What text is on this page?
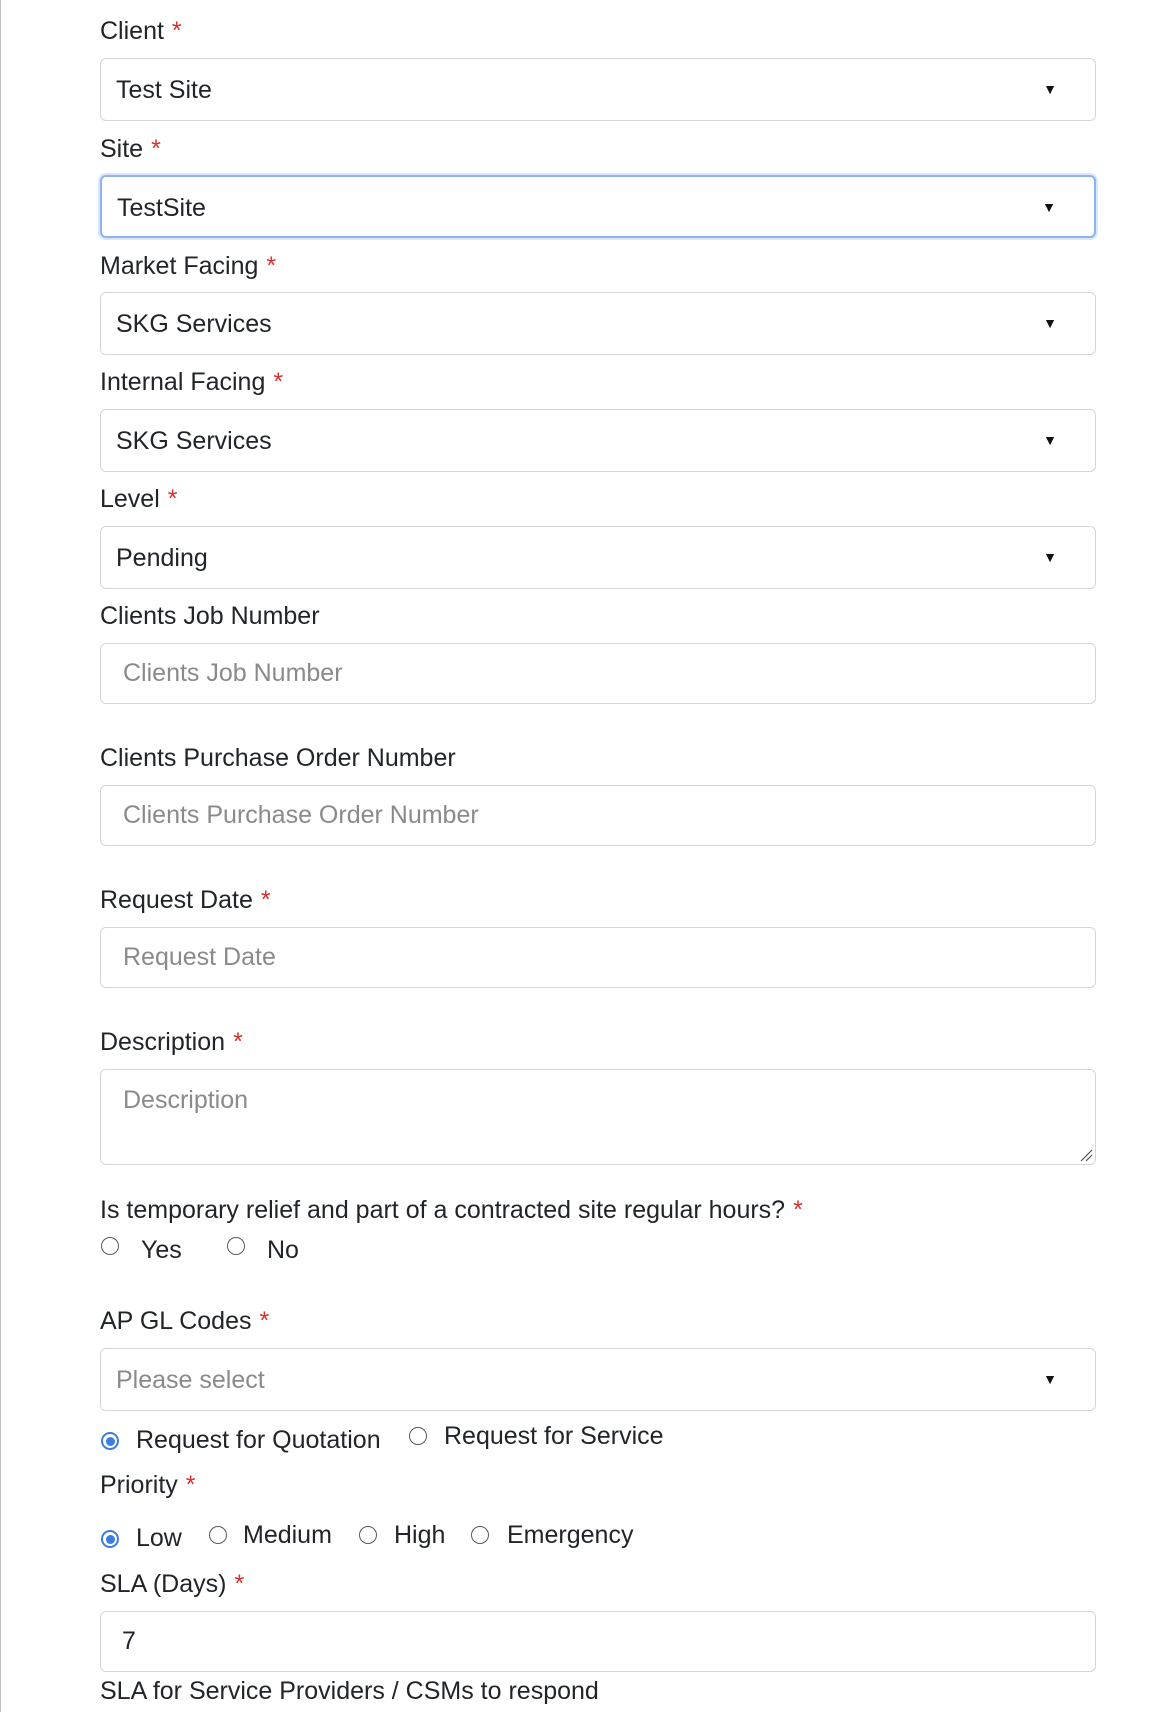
Client *
Test Site	▼
Site *
TestSite	▼
Market Facing *
SKG Services	▼
Internal Facing *
SKG Services	▼
Level *
Pending	▼
Clients Job Number
Clients Job Number
Clients Purchase Order Number
Clients Purchase Order Number
Request Date *
Request Date
Description *
Description
Is temporary relief and part of a contracted site regular hours? *
Yes	No
AP GL Codes *
Please select	▼
Request for Quotation	Request for Service
Priority *
Low Medium High Emergency
SLA (Days) *
7
SLA for Service Providers / CSMs to respond
